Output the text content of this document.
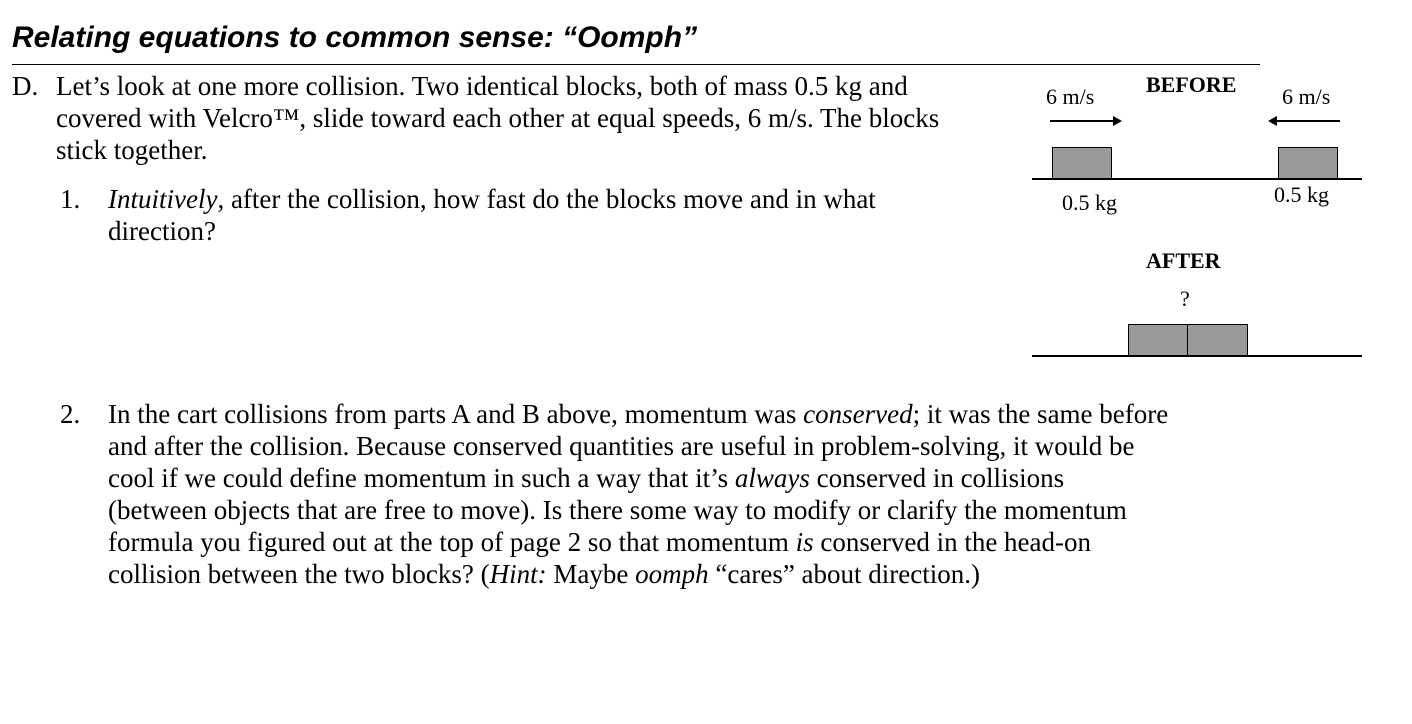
Relating equations to common sense: “Oomph”
D. Let’s look at one more collision. Two identical blocks, both of mass 0.5 kg and
covered with Velcro™, slide toward each other at equal speeds, 6 m/s. The blocks
stick together.
1. Intuitively, after the collision, how fast do the blocks move and in what
direction?
2. In the cart collisions from parts A and B above, momentum was conserved; it was the same before
and after the collision. Because conserved quantities are useful in problem-solving, it would be
cool if we could define momentum in such a way that it’s always conserved in collisions
(between objects that are free to move). Is there some way to modify or clarify the momentum
formula you figured out at the top of page 2 so that momentum is conserved in the head-on
collision between the two blocks? (Hint: Maybe oomph “cares” about direction.)
6 m/s BEFORE 6 m/s
0.5 kg	0.5 kg
AFTER
?
